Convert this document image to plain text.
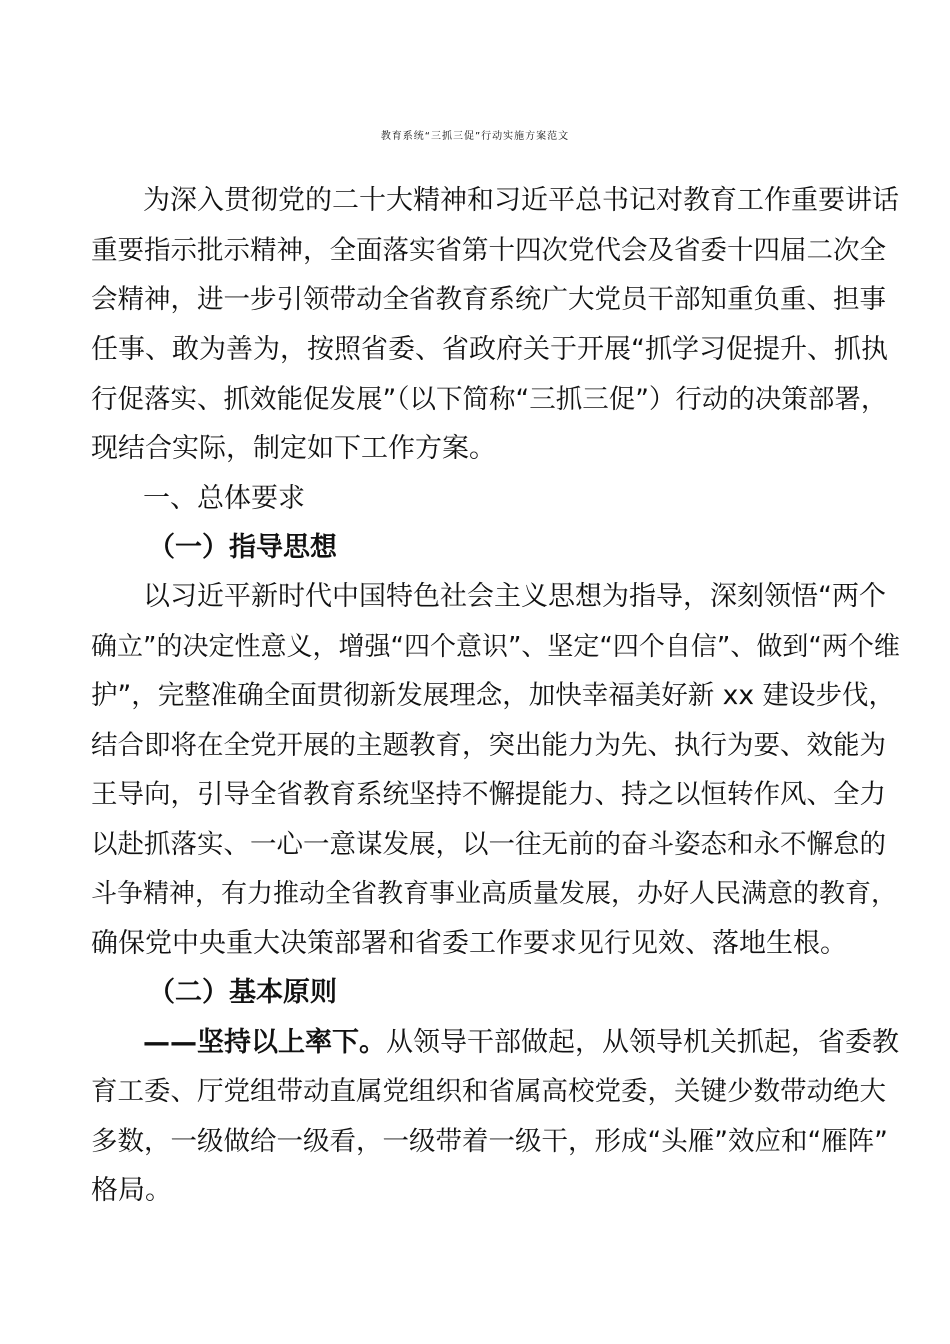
教育系统“三抓三促”行动实施方案范文
为深入贯彻党的二十大精神和习近平总书记对教育工作重要讲话
重要指示批示精神，全面落实省第十四次党代会及省委十四届二次全
会精神，进一步引领带动全省教育系统广大党员干部知重负重、担事
任事、敢为善为，按照省委、省政府关于开展“抓学习促提升、抓执
行促落实、抓效能促发展”（以下简称“三抓三促”）行动的决策部署，
现结合实际，制定如下工作方案。
一、总体要求
（一）指导思想
以习近平新时代中国特色社会主义思想为指导，深刻领悟“两个
确立”的决定性意义，增强“四个意识”、坚定“四个自信”、做到“两个维
护”，完整准确全面贯彻新发展理念，加快幸福美好新 xx 建设步伐，
结合即将在全党开展的主题教育，突出能力为先、执行为要、效能为
王导向，引导全省教育系统坚持不懈提能力、持之以恒转作风、全力
以赴抓落实、一心一意谋发展，以一往无前的奋斗姿态和永不懈怠的
斗争精神，有力推动全省教育事业高质量发展，办好人民满意的教育，
确保党中央重大决策部署和省委工作要求见行见效、落地生根。
（二）基本原则
——坚持以上率下。从领导干部做起，从领导机关抓起，省委教
育工委、厅党组带动直属党组织和省属高校党委，关键少数带动绝大
多数，一级做给一级看，一级带着一级干，形成“头雁”效应和“雁阵”
格局。
